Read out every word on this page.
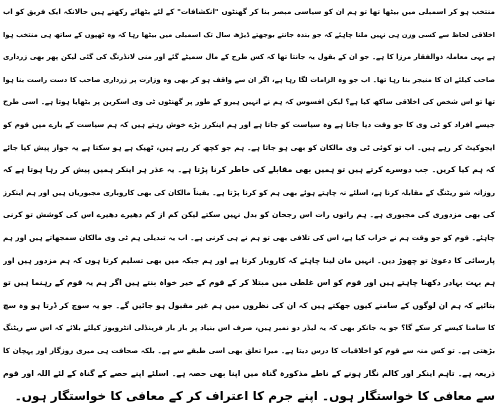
منتخب ہو کر اسمبلی میں بیٹھا تھا تو ہم ان کو سیاسی مبصر بنا کر گھنٹوں "انکشافات" کے لئے بٹھائے رکھتے ہیں حالانکہ ایک فریق کو اب
اخلاقی لحاظ سے کسی وزن ہی نہیں ملنا چاہئے کہ جو بندہ جانتے بوجھتے ڈیڑھ سال تک اسمبلی میں بیٹھا رہا کہ وہ ٹھپوں کے ساتھ ہی منتخب ہوا
ہے یہی معاملہ ذوالفقار مرزا کا ہے۔ جو ان کے بقول یہ جانتا تھا کہ کس طرح کے مال سمیٹے گئے اور منی لانڈرنگ کی گئی لیکن پھر بھی زرداری
صاحب کیلئے ان کا منیجر بنا رہا تھا۔ اب جو وہ الزامات لگا رہا ہے، اگر ان سے واقف ہو کر بھی وہ وزارت پر زرداری صاحب کا دست راست بنا ہوا
تھا تو اس شخص کی اخلاقی ساکھ کیا ہے؟ لیکن افسوس کہ ہم نے انہیں ہیرو کے طور پر گھنٹوں ٹی وی اسکرین پر بٹھایا ہوتا ہے۔ اسی طرح
جیسے افراد کو ٹی وی کا جو وقت دیا جاتا ہے وہ سیاست کو جاتا ہے اور ہم اینکرز بڑے خوش رہتے ہیں کہ ہم سیاست کے بارے میں قوم کو
ایجوکیٹ کر رہے ہیں۔ اب تو کوئی ٹی وی مالکان کو بھی ہو جاتا ہے۔ ہم جو کچھ کر رہے ہیں، ٹھیک ہے ہو سکتا ہے یہ جواز پیش کیا جائے
کہ ہم کیا کریں۔ جب دوسرے کرتے ہیں تو ہمیں بھی مقابلے کی خاطر کرنا پڑتا ہے۔ یہ عذر ہر اینکر ہمیں پیش کر رہا ہوتا ہے کہ
روزانہ شو ریٹنگ کے مقابلہ کرنا ہے، اسلئے نہ چاہتے ہوئے بھی ہم کو کرنا پڑتا ہے۔ یقیناً مالکان کی بھی کاروباری مجبوریاں ہیں اور ہم اینکرز
کی بھی مزدوری کی مجبوری ہے۔ ہم راتوں رات اس رجحان کو بدل نہیں سکتے لیکن کم از کم دھیرے دھیرے اس کی کوشش تو کرنی
چاہئے۔ قوم کو جو وقت ہم نے خراب کیا ہے، اس کی تلافی بھی تو ہم نے ہی کرنی ہے۔ اب یہ تبدیلی ہم ٹی وی مالکان سمجھاتے ہیں اور ہم
پارسائی کا دعویٰ تو چھوڑ دیں۔ انہیں مان لینا چاہئے کہ کاروبار کرتا ہے اور ہم جبکہ میں بھی تسلیم کرتا ہوں کہ ہم مزدور ہیں اور
ہم بہت بہادر دکھنا چاہتے ہیں اور قوم کو اس غلطی میں مبتلا کر کے قوم کے خیر خواہ بنتے ہیں اگر ہم یہ قوم کے رہنما ہیں تو
بتائیے کہ ہم ان لوگوں کے سامنے کیوں جھکتے ہیں کہ ان کی نظروں میں ہم غیر مقبول ہو جائیں گے۔ جو یہ سوچ کر ڈرتا ہو وہ سچ
کا سامنا کیسے کر سکے گا؟ جو یہ جانکر بھی کہ یہ لیڈر دو نمبر ہیں، صرف اس بنیاد پر بار بار فرینڈلی انٹرویوز کیلئے بلائے کہ اس سے ریٹنگ
بڑھتی ہے۔ تو کس منہ سے قوم کو اخلاقیات کا درس دیتا ہے۔ میرا تعلق بھی اسی طبقے سے ہے۔ بلکہ صحافت ہی میری روزگار اور پہچان کا
ذریعہ ہے۔ تاہم اینکر اور کالم نگار ہونے کے ناطے مذکورہ گناہ میں اپنا بھی حصہ ہے۔ اسلئے اپنے حصے کے گناہ کے لئے اللہ اور قوم
سے معافی کا خواستگار ہوں۔ اپنے جرم کا اعتراف کر کے معافی کا خواستگار ہوں۔
